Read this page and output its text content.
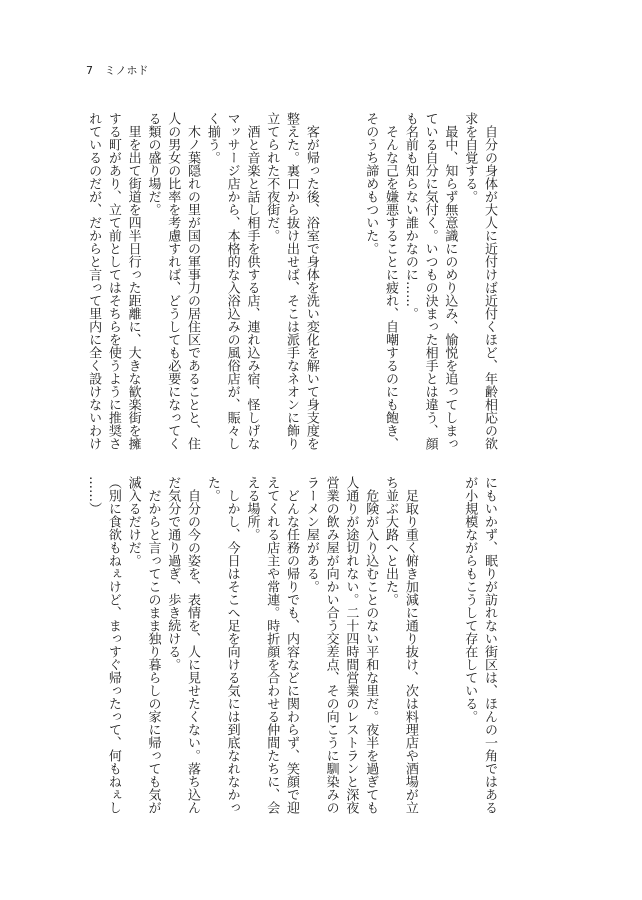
7 ミノホド
　自分の身体が大人に近付けば近付くほど、年齢相応の欲
求を自覚する。
　最中、知らず無意識にのめり込み、愉悦を追ってしまっ
ている自分に気付く。いつもの決まった相手とは違う、顔
も名前も知らない誰かなのに……。
　そんな己を嫌悪することに疲れ、自嘲するのにも飽き、
そのうち諦めもついた。
　客が帰った後、浴室で身体を洗い変化を解いて身支度を
整えた。裏口から抜け出せば、そこは派手なネオンに飾り
立てられた不夜街だ。
　酒と音楽と話し相手を供する店、連れ込み宿、怪しげな
マッサージ店から、本格的な入浴込みの風俗店が、賑々し
く揃う。
　木ノ葉隠れの里が国の軍事力の居住区であることと、住
人の男女の比率を考慮すれば、どうしても必要になってく
る類の盛り場だ。
　里を出て街道を四半日行った距離に、大きな歓楽街を擁
する町があり、立て前としてはそちらを使うように推奨さ
れているのだが、だからと言って里内に全く設けないわけ
にもいかず、眠りが訪れない街区は、ほんの一角ではある
が小規模ながらもこうして存在している。
　足取り重く俯き加減に通り抜け、次は料理店や酒場が立
ち並ぶ大路へと出た。
　危険が入り込むことのない平和な里だ。夜半を過ぎても
人通りが途切れない。二十四時間営業のレストランと深夜
営業の飲み屋が向かい合う交差点、その向こうに馴染みの
ラーメン屋がある。
　どんな任務の帰りでも、内容などに関わらず、笑顔で迎
えてくれる店主や常連。時折顔を合わせる仲間たちに、会
える場所。
　しかし、今日はそこへ足を向ける気には到底なれなかっ
た。
　自分の今の姿を、表情を、人に見せたくない。落ち込ん
だ気分で通り過ぎ、歩き続ける。
　だからと言ってこのまま独り暮らしの家に帰っても気が
滅入るだけだ。
（別に食欲もねぇけど、まっすぐ帰ったって、何もねぇし
……）
